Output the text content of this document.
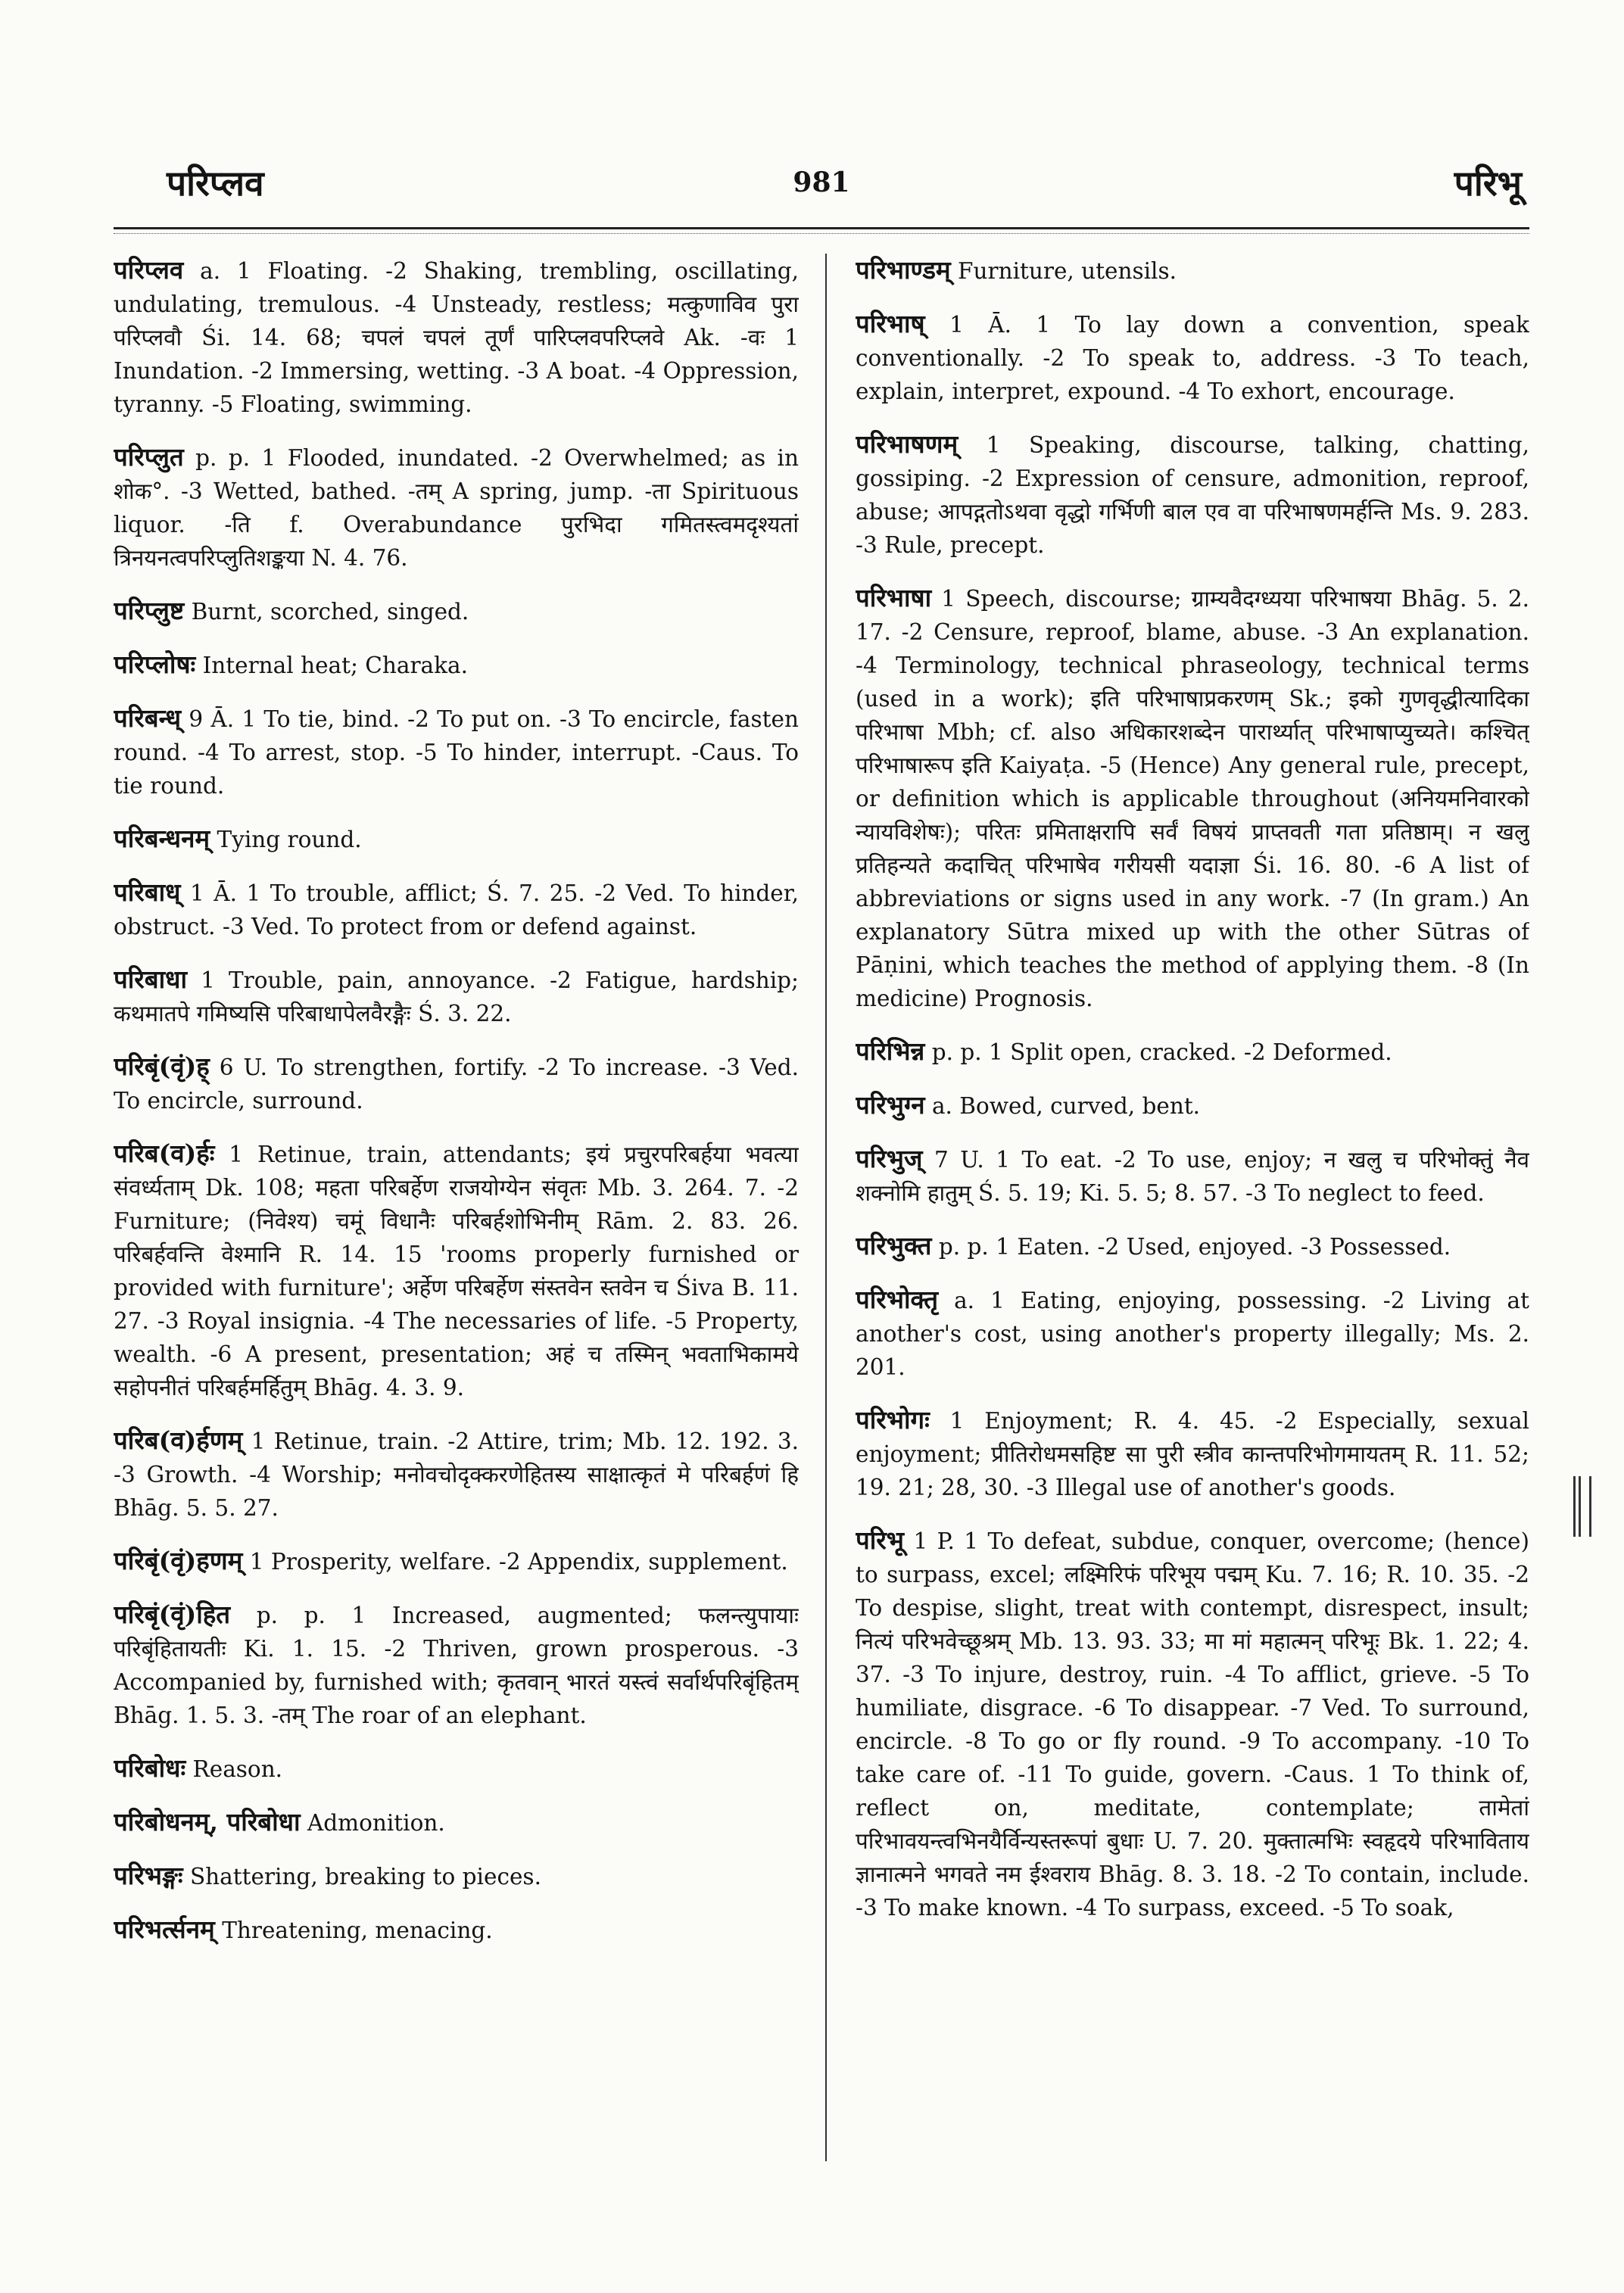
परिप्लव	981	परिभू

परिप्लव a. 1 Floating. -2 Shaking, trembling, oscillating, undulating, tremulous. -4 Unsteady, restless; मत्कुणाविव पुरा परिप्लवौ Śi. 14. 68; चपलं चपलं तूर्णं पारिप्लवपरिप्लवे Ak. -वः 1 Inundation. -2 Immersing, wetting. -3 A boat. -4 Oppression, tyranny. -5 Floating, swimming.

परिप्लुत p. p. 1 Flooded, inundated. -2 Overwhelmed; as in शोक°. -3 Wetted, bathed. -तम् A spring, jump. -ता Spirituous liquor. -ति f. Overabundance पुरभिदा गमितस्त्वमदृश्यतां त्रिनयनत्वपरिप्लुतिशङ्कया N. 4. 76.

परिप्लुष्ट Burnt, scorched, singed.

परिप्लोषः Internal heat; Charaka.

परिबन्ध् 9 Ā. 1 To tie, bind. -2 To put on. -3 To encircle, fasten round. -4 To arrest, stop. -5 To hinder, interrupt. -Caus. To tie round.

परिबन्धनम् Tying round.

परिबाध् 1 Ā. 1 To trouble, afflict; Ś. 7. 25. -2 Ved. To hinder, obstruct. -3 Ved. To protect from or defend against.

परिबाधा 1 Trouble, pain, annoyance. -2 Fatigue, hardship; कथमातपे गमिष्यसि परिबाधापेलवैरङ्गैः Ś. 3. 22.

परिबृं(वृं)ह् 6 U. To strengthen, fortify. -2 To increase. -3 Ved. To encircle, surround.

परिब(व)र्हः 1 Retinue, train, attendants; इयं प्रचुरपरिबर्हया भवत्या संवर्ध्यताम् Dk. 108; महता परिबर्हेण राजयोग्येन संवृतः Mb. 3. 264. 7. -2 Furniture; (निवेश्य) चमूं विधानैः परिबर्हशोभिनीम् Rām. 2. 83. 26. परिबर्हवन्ति वेश्मानि R. 14. 15 'rooms properly furnished or provided with furniture'; अर्हेण परिबर्हेण संस्तवेन स्तवेन च Śiva B. 11. 27. -3 Royal insignia. -4 The necessaries of life. -5 Property, wealth. -6 A present, presentation; अहं च तस्मिन् भवताभिकामये सहोपनीतं परिबर्हमर्हितुम् Bhāg. 4. 3. 9.

परिब(व)र्हणम् 1 Retinue, train. -2 Attire, trim; Mb. 12. 192. 3. -3 Growth. -4 Worship; मनोवचोदृक्करणेहितस्य साक्षात्कृतं मे परिबर्हणं हि Bhāg. 5. 5. 27.

परिबृं(वृं)हणम् 1 Prosperity, welfare. -2 Appendix, supplement.

परिबृं(वृं)हित p. p. 1 Increased, augmented; फलन्त्युपायाः परिबृंहितायतीः Ki. 1. 15. -2 Thriven, grown prosperous. -3 Accompanied by, furnished with; कृतवान् भारतं यस्त्वं सर्वार्थपरिबृंहितम् Bhāg. 1. 5. 3. -तम् The roar of an elephant.

परिबोधः Reason.

परिबोधनम्, परिबोधा Admonition.

परिभङ्गः Shattering, breaking to pieces.

परिभर्त्सनम् Threatening, menacing.

परिभाण्डम् Furniture, utensils.

परिभाष् 1 Ā. 1 To lay down a convention, speak conventionally. -2 To speak to, address. -3 To teach, explain, interpret, expound. -4 To exhort, encourage.

परिभाषणम् 1 Speaking, discourse, talking, chatting, gossiping. -2 Expression of censure, admonition, reproof, abuse; आपद्गतोऽथवा वृद्धो गर्भिणी बाल एव वा परिभाषणमर्हन्ति Ms. 9. 283. -3 Rule, precept.

परिभाषा 1 Speech, discourse; ग्राम्यवैदग्ध्यया परिभाषया Bhāg. 5. 2. 17. -2 Censure, reproof, blame, abuse. -3 An explanation. -4 Terminology, technical phraseology, technical terms (used in a work); इति परिभाषाप्रकरणम् Sk.; इको गुणवृद्धीत्यादिका परिभाषा Mbh; cf. also अधिकारशब्देन पारार्थ्यात् परिभाषाप्युच्यते। कश्चित् परिभाषारूप इति Kaiyaṭa. -5 (Hence) Any general rule, precept, or definition which is applicable throughout (अनियमनिवारको न्यायविशेषः); परितः प्रमिताक्षरापि सर्वं विषयं प्राप्तवती गता प्रतिष्ठाम्। न खलु प्रतिहन्यते कदाचित् परिभाषेव गरीयसी यदाज्ञा Śi. 16. 80. -6 A list of abbreviations or signs used in any work. -7 (In gram.) An explanatory Sūtra mixed up with the other Sūtras of Pāṇini, which teaches the method of applying them. -8 (In medicine) Prognosis.

परिभिन्न p. p. 1 Split open, cracked. -2 Deformed.

परिभुग्न a. Bowed, curved, bent.

परिभुज् 7 U. 1 To eat. -2 To use, enjoy; न खलु च परिभोक्तुं नैव शक्नोमि हातुम् Ś. 5. 19; Ki. 5. 5; 8. 57. -3 To neglect to feed.

परिभुक्त p. p. 1 Eaten. -2 Used, enjoyed. -3 Possessed.

परिभोक्तृ a. 1 Eating, enjoying, possessing. -2 Living at another's cost, using another's property illegally; Ms. 2. 201.

परिभोगः 1 Enjoyment; R. 4. 45. -2 Especially, sexual enjoyment; प्रीतिरोधमसहिष्ट सा पुरी स्त्रीव कान्तपरिभोगमायतम् R. 11. 52; 19. 21; 28, 30. -3 Illegal use of another's goods.

परिभू 1 P. 1 To defeat, subdue, conquer, overcome; (hence) to surpass, excel; लक्ष्मिरिफं परिभूय पद्मम् Ku. 7. 16; R. 10. 35. -2 To despise, slight, treat with contempt, disrespect, insult; नित्यं परिभवेच्छूश्रम् Mb. 13. 93. 33; मा मां महात्मन् परिभूः Bk. 1. 22; 4. 37. -3 To injure, destroy, ruin. -4 To afflict, grieve. -5 To humiliate, disgrace. -6 To disappear. -7 Ved. To surround, encircle. -8 To go or fly round. -9 To accompany. -10 To take care of. -11 To guide, govern. -Caus. 1 To think of, reflect on, meditate, contemplate; तामेतां परिभावयन्त्वभिनयैर्विन्यस्तरूपां बुधाः U. 7. 20. मुक्तात्मभिः स्वहृदये परिभाविताय ज्ञानात्मने भगवते नम ईश्वराय Bhāg. 8. 3. 18. -2 To contain, include. -3 To make known. -4 To surpass, exceed. -5 To soak,
